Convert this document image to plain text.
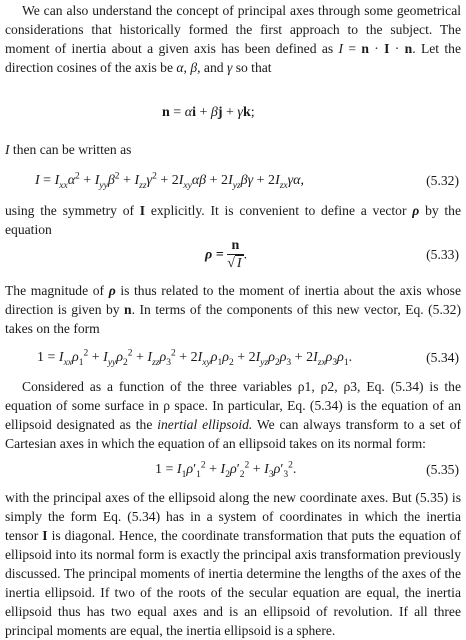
We can also understand the concept of principal axes through some geometrical considerations that historically formed the first approach to the subject. The moment of inertia about a given axis has been defined as I = n · I · n. Let the direction cosines of the axis be α, β, and γ so that

n = αi + βj + γk;

I then can be written as

$I = I_{xx}\alpha^2 + I_{yy}\beta^2 + I_{zz}\gamma^2 + 2I_{xy}\alpha\beta + 2I_{yz}\beta\gamma + 2I_{zx}\gamma\alpha$,	(5.32)

using the symmetry of I explicitly. It is convenient to define a vector ρ by the equation

$\rho = \frac{n}{√ I}$ .	(5.33)

The magnitude of ρ is thus related to the moment of inertia about the axis whose direction is given by n. In terms of the components of this new vector, Eq. (5.32) takes on the form

$1 = I_{xx}\rho_1^2 + I_{yy}\rho_2^2 + I_{zz}\rho_3^2 + 2I_{xy}\rho_1\rho_2 + 2I_{yz}\rho_2\rho_3 + 2I_{zx}\rho_3\rho_1$.	(5.34)

Considered as a function of the three variables ρ1, ρ2, ρ3, Eq. (5.34) is the equation of some surface in ρ space. In particular, Eq. (5.34) is the equation of an ellipsoid designated as the inertial ellipsoid. We can always transform to a set of Cartesian axes in which the equation of an ellipsoid takes on its normal form:

$1 = I_1\rho'_1^2 + I_2\rho'_2^2 + I_3\rho'_3^2$.	(5.35)

with the principal axes of the ellipsoid along the new coordinate axes. But (5.35) is simply the form Eq. (5.34) has in a system of coordinates in which the inertia tensor I is diagonal. Hence, the coordinate transformation that puts the equation of ellipsoid into its normal form is exactly the principal axis transformation previously discussed. The principal moments of inertia determine the lengths of the axes of the inertia ellipsoid. If two of the roots of the secular equation are equal, the inertia ellipsoid thus has two equal axes and is an ellipsoid of revolution. If all three principal moments are equal, the inertia ellipsoid is a sphere.
